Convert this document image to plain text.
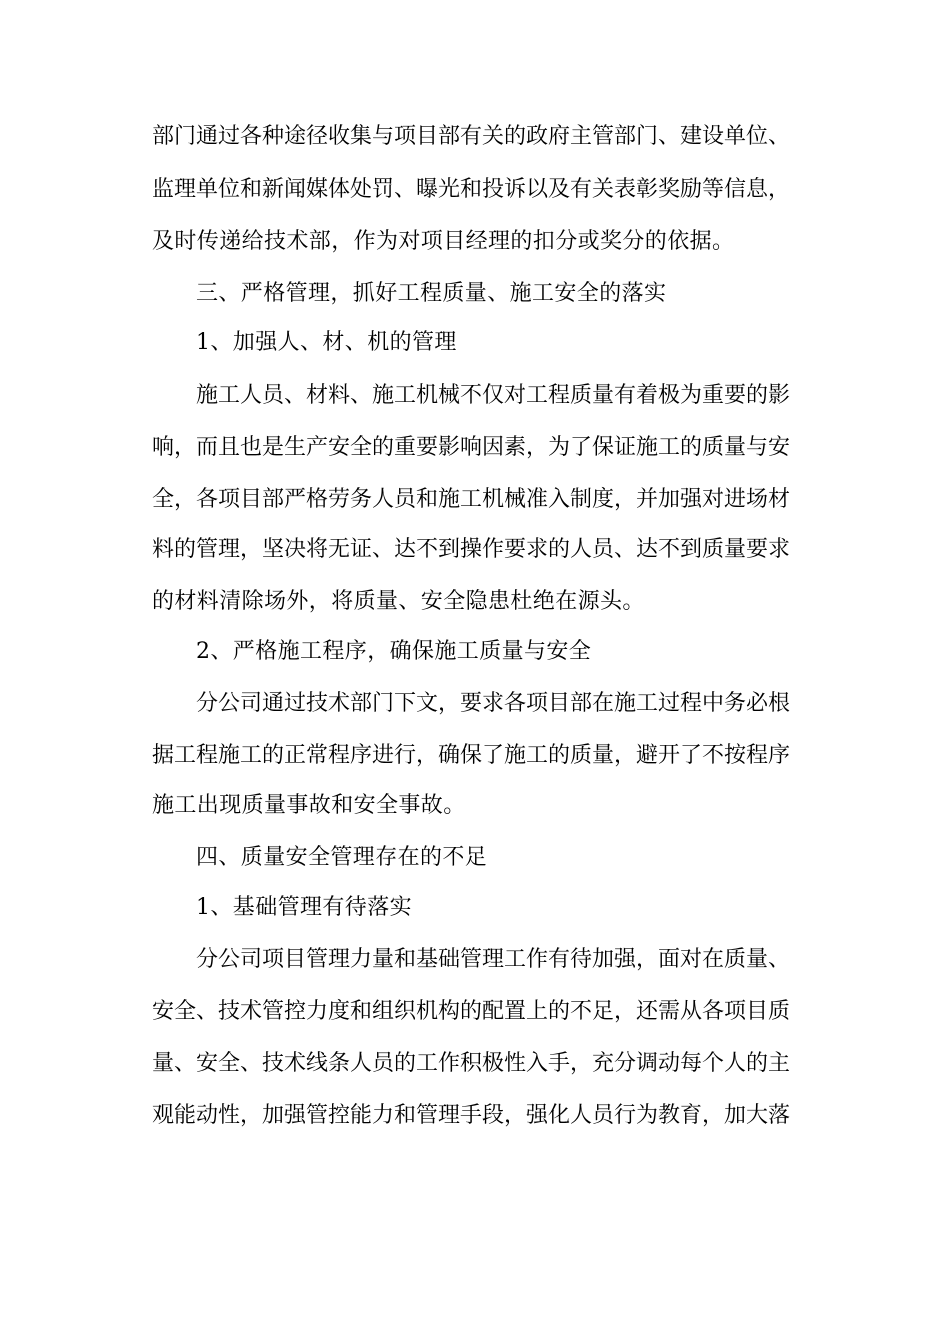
部门通过各种途径收集与项目部有关的政府主管部门、建设单位、
监理单位和新闻媒体处罚、曝光和投诉以及有关表彰奖励等信息，
及时传递给技术部，作为对项目经理的扣分或奖分的依据。
三、严格管理，抓好工程质量、施工安全的落实
1、加强人、材、机的管理
施工人员、材料、施工机械不仅对工程质量有着极为重要的影
响，而且也是生产安全的重要影响因素，为了保证施工的质量与安
全，各项目部严格劳务人员和施工机械准入制度，并加强对进场材
料的管理，坚决将无证、达不到操作要求的人员、达不到质量要求
的材料清除场外，将质量、安全隐患杜绝在源头。
2、严格施工程序，确保施工质量与安全
分公司通过技术部门下文，要求各项目部在施工过程中务必根
据工程施工的正常程序进行，确保了施工的质量，避开了不按程序
施工出现质量事故和安全事故。
四、质量安全管理存在的不足
1、基础管理有待落实
分公司项目管理力量和基础管理工作有待加强，面对在质量、
安全、技术管控力度和组织机构的配置上的不足，还需从各项目质
量、安全、技术线条人员的工作积极性入手，充分调动每个人的主
观能动性，加强管控能力和管理手段，强化人员行为教育，加大落
